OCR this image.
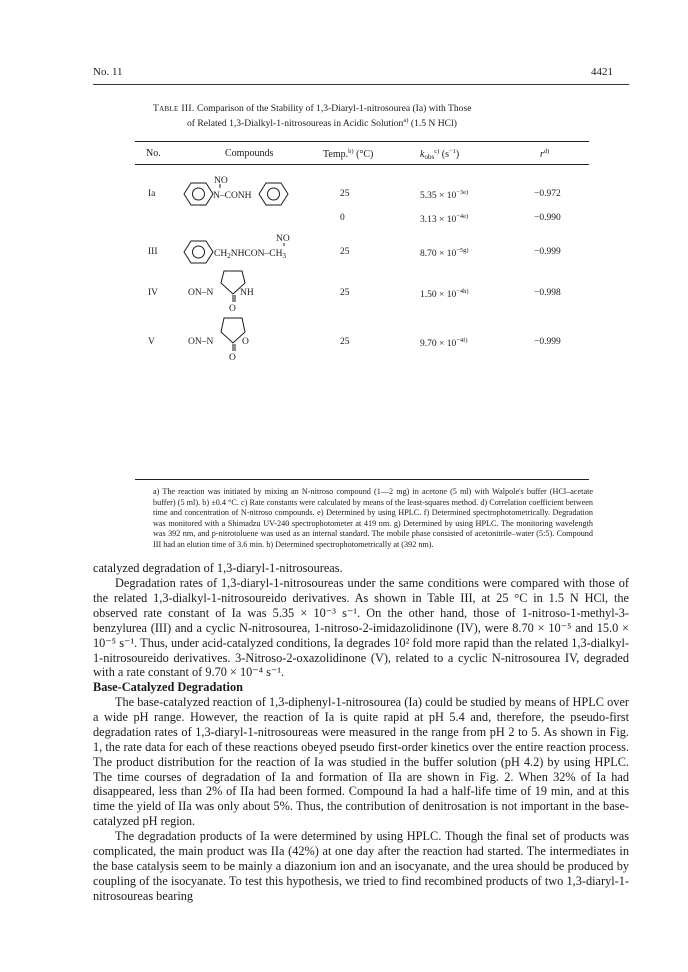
No. 11	4421
Table III. Comparison of the Stability of 1,3-Diaryl-1-nitrosourea (Ia) with Those
of Related 1,3-Dialkyl-1-nitrosoureas in Acidic Solution$^{a)}$ (1.5 N HCl)
No.	Compounds	Temp.$^{b)}$ (°C)	$k_{obs}^{c)}$ $(s^{-1})$	$r^{d)}$
NO
N–CONH
NO
$CH_2NHCON-CH_3$
ON–N	NH
O
ON–N	O
O
Ia	25	$5.35 \times 10^{-3e)}$	−0.972
0	$3.13 \times 10^{-4e)}$	−0.990
III	25	$8.70 \times 10^{-5g)}$	−0.999
IV	25	$1.50 \times 10^{-4h)}$	−0.998
V	25	$9.70 \times 10^{-4f)}$	−0.999
a) The reaction was initiated by mixing an N-nitroso compound (1—2 mg) in acetone (5 ml) with Walpole's buffer (HCl–acetate buffer) (5 ml). b) ±0.4 °C. c) Rate constants were calculated by means of the least-squares method. d) Correlation coefficient between time and concentration of N-nitroso compounds. e) Determined by using HPLC. f) Determined spectrophotometrically. Degradation was monitored with a Shimadzu UV-240 spectrophotometer at 419 nm. g) Determined by using HPLC. The monitoring wavelength was 392 nm, and p-nitrotoluene was used as an internal standard. The mobile phase consisted of acetonitrile–water (5:5). Compound III had an elution time of 3.6 min. h) Determined spectrophotometrically at (392 nm).
catalyzed degradation of 1,3-diaryl-1-nitrosoureas.

Degradation rates of 1,3-diaryl-1-nitrosoureas under the same conditions were compared with those of the related 1,3-dialkyl-1-nitrosoureido derivatives. As shown in Table III, at 25 °C in 1.5 N HCl, the observed rate constant of Ia was 5.35 × 10⁻³ s⁻¹. On the other hand, those of 1-nitroso-1-methyl-3-benzylurea (III) and a cyclic N-nitrosourea, 1-nitroso-2-imidazolidinone (IV), were 8.70 × 10⁻⁵ and 15.0 × 10⁻⁵ s⁻¹. Thus, under acid-catalyzed conditions, Ia degrades 10² fold more rapid than the related 1,3-dialkyl-1-nitrosoureido derivatives. 3-Nitroso-2-oxazolidinone (V), related to a cyclic N-nitrosourea IV, degraded with a rate constant of 9.70 × 10⁻⁴ s⁻¹.

Base-Catalyzed Degradation

The base-catalyzed reaction of 1,3-diphenyl-1-nitrosourea (Ia) could be studied by means of HPLC over a wide pH range. However, the reaction of Ia is quite rapid at pH 5.4 and, therefore, the pseudo-first degradation rates of 1,3-diaryl-1-nitrosoureas were measured in the range from pH 2 to 5. As shown in Fig. 1, the rate data for each of these reactions obeyed pseudo first-order kinetics over the entire reaction process. The product distribution for the reaction of Ia was studied in the buffer solution (pH 4.2) by using HPLC. The time courses of degradation of Ia and formation of IIa are shown in Fig. 2. When 32% of Ia had disappeared, less than 2% of IIa had been formed. Compound Ia had a half-life time of 19 min, and at this time the yield of IIa was only about 5%. Thus, the contribution of denitrosation is not important in the base-catalyzed pH region.

The degradation products of Ia were determined by using HPLC. Though the final set of products was complicated, the main product was IIa (42%) at one day after the reaction had started. The intermediates in the base catalysis seem to be mainly a diazonium ion and an isocyanate, and the urea should be produced by coupling of the isocyanate. To test this hypothesis, we tried to find recombined products of two 1,3-diaryl-1-nitrosoureas bearing
